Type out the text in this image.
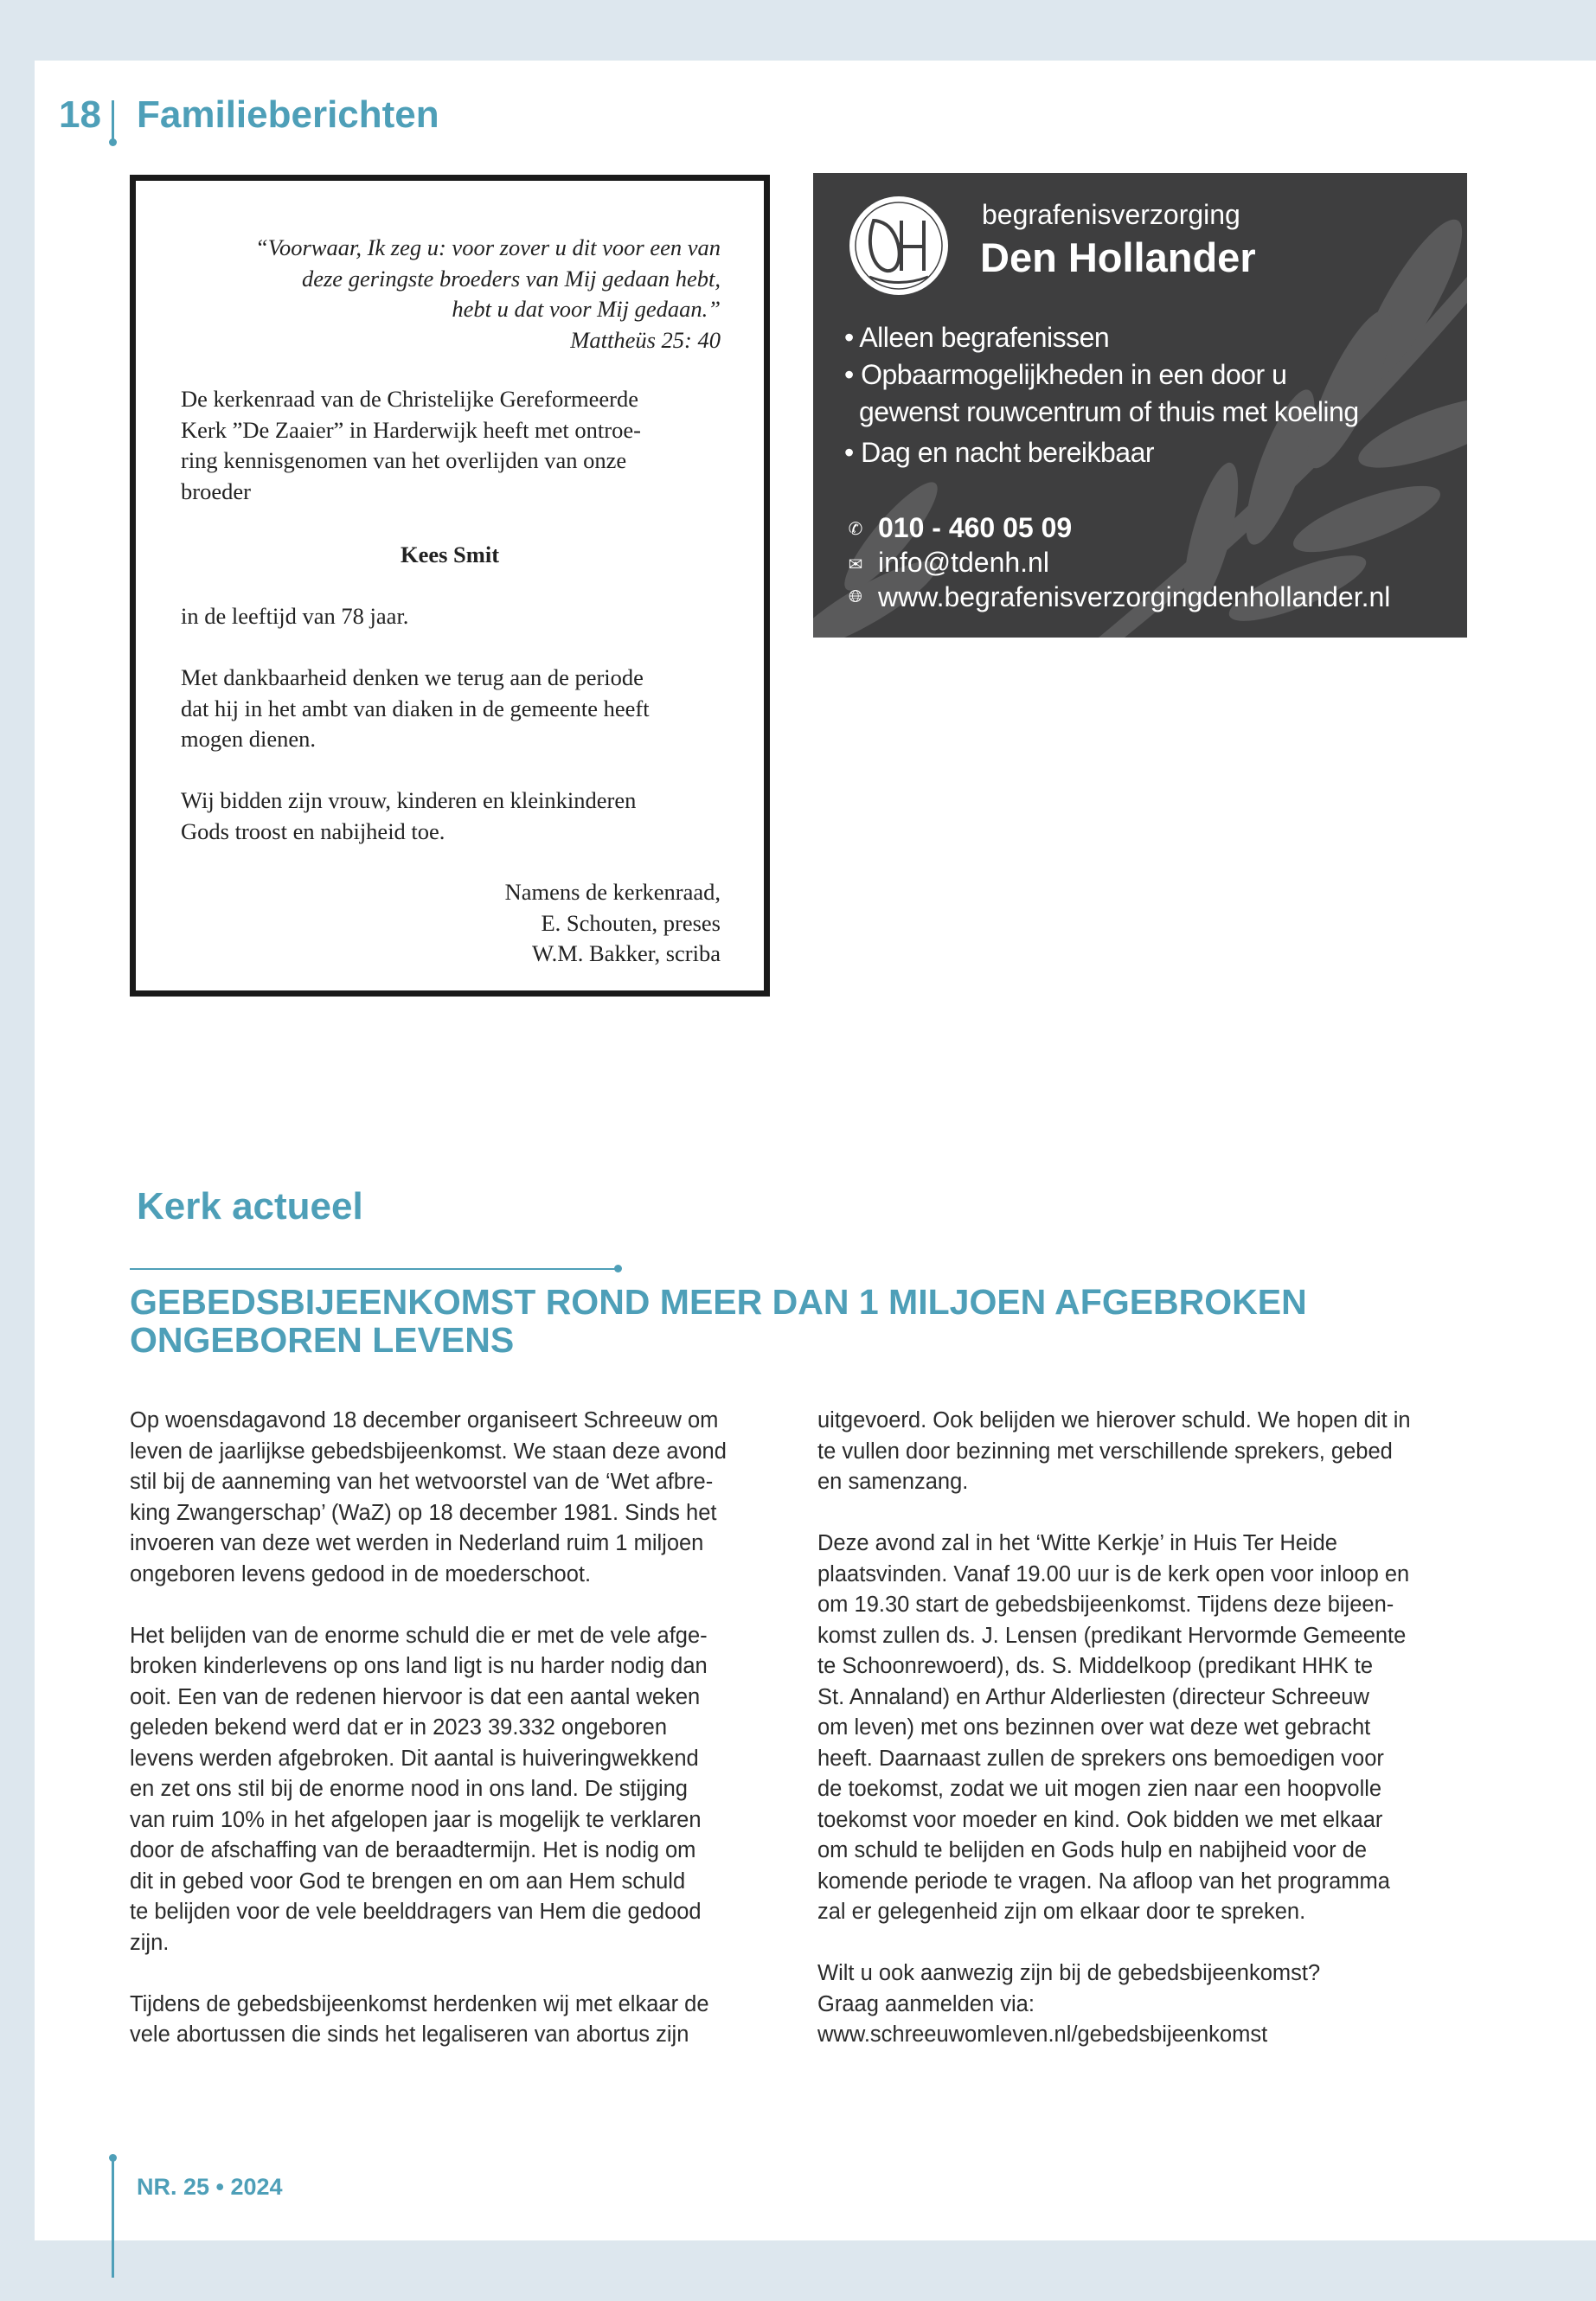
18 Familieberichten
“Voorwaar, Ik zeg u: voor zover u dit voor een van
deze geringste broeders van Mij gedaan hebt,
hebt u dat voor Mij gedaan.”
Mattheüs 25: 40
De kerkenraad van de Christelijke Gereformeerde
Kerk ”De Zaaier” in Harderwijk heeft met ontroe-
ring kennisgenomen van het overlijden van onze
broeder
Kees Smit
in de leeftijd van 78 jaar.
Met dankbaarheid denken we terug aan de periode
dat hij in het ambt van diaken in de gemeente heeft
mogen dienen.
Wij bidden zijn vrouw, kinderen en kleinkinderen
Gods troost en nabijheid toe.
Namens de kerkenraad,
E. Schouten, preses
W.M. Bakker, scriba
begrafenisverzorging
Den Hollander
• Alleen begrafenissen
• Opbaarmogelijkheden in een door u
gewenst rouwcentrum of thuis met koeling
• Dag en nacht bereikbaar
✆ 010 - 460 05 09
✉ info@tdenh.nl
🌐︎ www.begrafenisverzorgingdenhollander.nl
Kerk actueel
GEBEDSBIJEENKOMST ROND MEER DAN 1 MILJOEN AFGEBROKEN
ONGEBOREN LEVENS

Op woensdagavond 18 december organiseert Schreeuw om
leven de jaarlijkse gebedsbijeenkomst. We staan deze avond
stil bij de aanneming van het wetvoorstel van de ‘Wet afbre-
king Zwangerschap’ (WaZ) op 18 december 1981. Sinds het
invoeren van deze wet werden in Nederland ruim 1 miljoen
ongeboren levens gedood in de moederschoot.

Het belijden van de enorme schuld die er met de vele afge-
broken kinderlevens op ons land ligt is nu harder nodig dan
ooit. Een van de redenen hiervoor is dat een aantal weken
geleden bekend werd dat er in 2023 39.332 ongeboren
levens werden afgebroken. Dit aantal is huiveringwekkend
en zet ons stil bij de enorme nood in ons land. De stijging
van ruim 10% in het afgelopen jaar is mogelijk te verklaren
door de afschaffing van de beraadtermijn. Het is nodig om
dit in gebed voor God te brengen en om aan Hem schuld
te belijden voor de vele beelddragers van Hem die gedood
zijn.

Tijdens de gebedsbijeenkomst herdenken wij met elkaar de
vele abortussen die sinds het legaliseren van abortus zijn

uitgevoerd. Ook belijden we hierover schuld. We hopen dit in
te vullen door bezinning met verschillende sprekers, gebed
en samenzang.

Deze avond zal in het ‘Witte Kerkje’ in Huis Ter Heide
plaatsvinden. Vanaf 19.00 uur is de kerk open voor inloop en
om 19.30 start de gebedsbijeenkomst. Tijdens deze bijeen-
komst zullen ds. J. Lensen (predikant Hervormde Gemeente
te Schoonrewoerd), ds. S. Middelkoop (predikant HHK te
St. Annaland) en Arthur Alderliesten (directeur Schreeuw
om leven) met ons bezinnen over wat deze wet gebracht
heeft. Daarnaast zullen de sprekers ons bemoedigen voor
de toekomst, zodat we uit mogen zien naar een hoopvolle
toekomst voor moeder en kind. Ook bidden we met elkaar
om schuld te belijden en Gods hulp en nabijheid voor de
komende periode te vragen. Na afloop van het programma
zal er gelegenheid zijn om elkaar door te spreken.

Wilt u ook aanwezig zijn bij de gebedsbijeenkomst?
Graag aanmelden via:
www.schreeuwomleven.nl/gebedsbijeenkomst

NR. 25 • 2024
